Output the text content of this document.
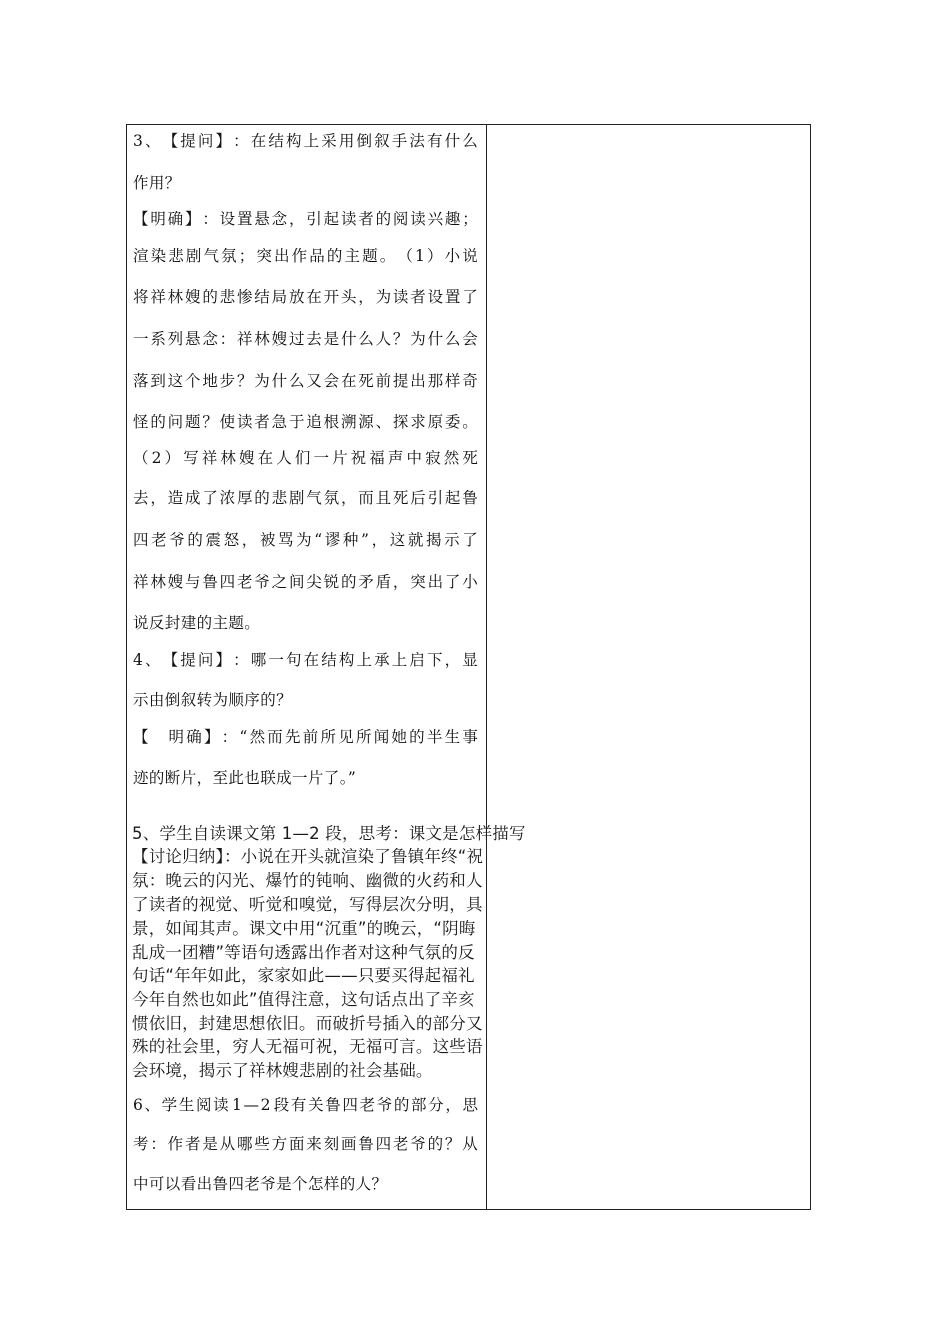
3 、 【 提 问 】 ： 在 结 构 上 采 用 倒 叙 手 法 有 什 么
作用？
【 明 确 】 ： 设 置 悬 念 ， 引 起 读 者 的 阅 读 兴 趣 ；
渲 染 悲 剧 气 氛 ； 突 出 作 品 的 主 题 。 （ 1 ） 小 说
将 祥 林 嫂 的 悲 惨 结 局 放 在 开 头 ， 为 读 者 设 置 了
一 系 列 悬 念 ： 祥 林 嫂 过 去 是 什 么 人 ？ 为 什 么 会
落 到 这 个 地 步 ？ 为 什 么 又 会 在 死 前 提 出 那 样 奇
怪 的 问 题 ？ 使 读 者 急 于 追 根 溯 源 、 探 求 原 委 。
（ 2 ） 写 祥 林 嫂 在 人 们 一 片 祝 福 声 中 寂 然 死
去 ， 造 成 了 浓 厚 的 悲 剧 气 氛 ， 而 且 死 后 引 起 鲁
四 老 爷 的 震 怒 ， 被 骂 为 “ 谬 种 ” ， 这 就 揭 示 了
祥 林 嫂 与 鲁 四 老 爷 之 间 尖 锐 的 矛 盾 ， 突 出 了 小
说反封建的主题。
4 、 【 提 问 】 ： 哪 一 句 在 结 构 上 承 上 启 下 ， 显
示由倒叙转为顺序的？
【
　 明 确 】 ： “ 然 而 先 前 所 见 所 闻 她 的 半 生 事
迹的断片，至此也联成一片了。”
5、学生自读课文第 1—2 段，思考：课文是怎样描写
【讨论归纳】：小说在开头就渲染了鲁镇年终“祝
氛：晚云的闪光、爆竹的钝响、幽微的火药和人
了读者的视觉、听觉和嗅觉，写得层次分明，具
景，如闻其声。课文中用“沉重”的晚云，“阴晦
乱成一团糟”等语句透露出作者对这种气氛的反
句话“年年如此，家家如此——只要买得起福礼
今年自然也如此”值得注意，这句话点出了辛亥
惯依旧，封建思想依旧。而破折号插入的部分又
殊的社会里，穷人无福可祝，无福可言。这些语
会环境，揭示了祥林嫂悲剧的社会基础。
6 、 学 生 阅 读 1 — 2 段 有 关 鲁 四 老 爷 的 部 分 ， 思
考 ： 作 者 是 从 哪 些 方 面 来 刻 画 鲁 四 老 爷 的 ？ 从
中可以看出鲁四老爷是个怎样的人？
